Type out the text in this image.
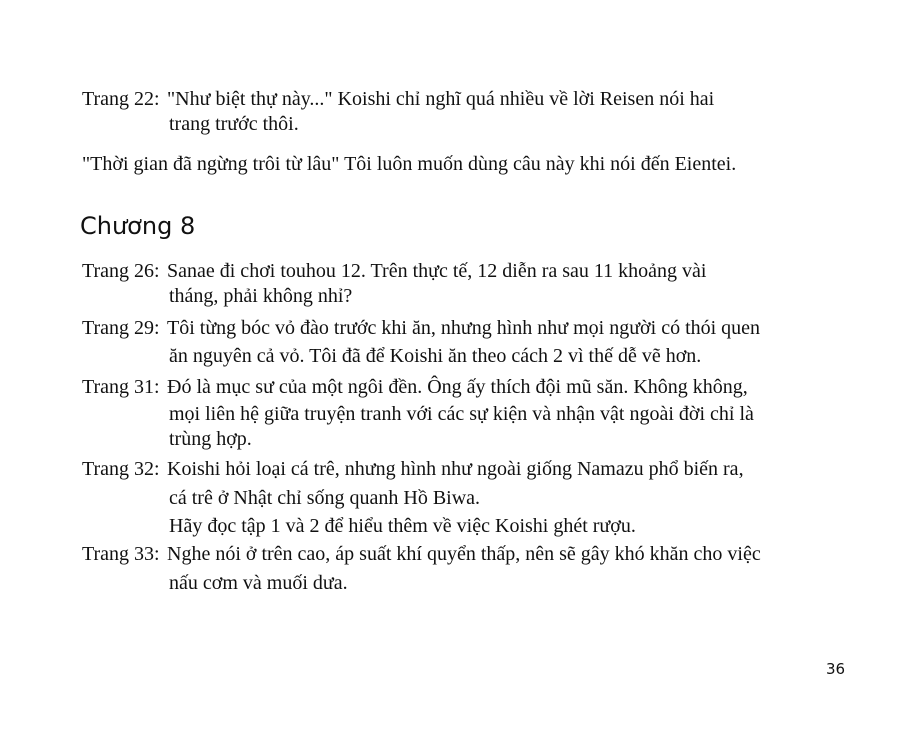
Trang 22: "Như biệt thự này..." Koishi chỉ nghĩ quá nhiều về lời Reisen nói hai
trang trước thôi.
"Thời gian đã ngừng trôi từ lâu" Tôi luôn muốn dùng câu này khi nói đến Eientei.
Chương 8
Trang 26: Sanae đi chơi touhou 12. Trên thực tế, 12 diễn ra sau 11 khoảng vài
tháng, phải không nhỉ?
Trang 29: Tôi từng bóc vỏ đào trước khi ăn, nhưng hình như mọi người có thói quen
ăn nguyên cả vỏ. Tôi đã để Koishi ăn theo cách 2 vì thế dễ vẽ hơn.
Trang 31: Đó là mục sư của một ngôi đền. Ông ấy thích đội mũ săn. Không không,
mọi liên hệ giữa truyện tranh với các sự kiện và nhận vật ngoài đời chỉ là
trùng hợp.
Trang 32: Koishi hỏi loại cá trê, nhưng hình như ngoài giống Namazu phổ biến ra,
cá trê ở Nhật chỉ sống quanh Hồ Biwa.
Hãy đọc tập 1 và 2 để hiểu thêm về việc Koishi ghét rượu.
Trang 33: Nghe nói ở trên cao, áp suất khí quyển thấp, nên sẽ gây khó khăn cho việc
nấu cơm và muối dưa.
36
